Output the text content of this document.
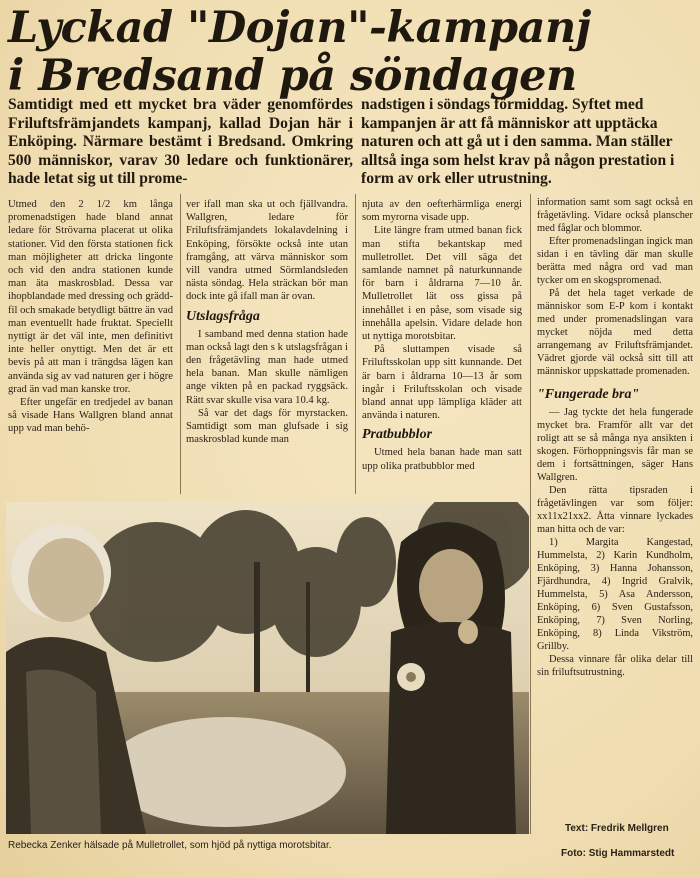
Lyckad "Dojan"-kampanj
i Bredsand på söndagen
Samtidigt med ett mycket bra väder genomfördes Friluftsfrämjandets kampanj, kallad Dojan här i Enköping. Närmare bestämt i Bredsand. Omkring 500 människor, varav 30 ledare och funktionärer, hade letat sig ut till prome-
nadstigen i söndags förmiddag. Syftet med kampanjen är att få människor att upptäcka naturen och att gå ut i den samma. Man ställer alltså inga som helst krav på någon prestation i form av ork eller utrustning.

Utmed den 2 1/2 km långa promenadstigen hade bland annat ledare för Strövarna placerat ut olika stationer. Vid den första stationen fick man möjligheter att dricka lingonte och vid den andra stationen kunde man äta maskrosblad. Dessa var ihopblandade med dressing och grädd-fil och smakade betydligt bättre än vad man eventuellt hade fruktat. Speciellt nyttigt är det väl inte, men definitivt inte heller onyttigt. Men det är ett bevis på att man i trängdsa lägen kan använda sig av vad naturen ger i högre grad än vad man kanske tror.

Efter ungefär en tredjedel av banan så visade Hans Wallgren bland annat upp vad man behö-

ver ifall man ska ut och fjällvandra. Wallgren, ledare för Friluftsfrämjandets lokalavdelning i Enköping, försökte också inte utan framgång, att värva människor som vill vandra utmed Sörmlandsleden nästa söndag. Hela sträckan bör man dock inte gå ifall man är ovan.

Utslagsfråga

I samband med denna station hade man också lagt den s k utslagsfrågan i den frågetävling man hade utmed hela banan. Man skulle nämligen ange vikten på en packad ryggsäck. Rätt svar skulle visa vara 10.4 kg.

Så var det dags för myrstacken. Samtidigt som man glufsade i sig maskrosblad kunde man

njuta av den oefterhärmliga energi som myrorna visade upp.

Lite längre fram utmed banan fick man stifta bekantskap med mulletrollet. Det vill säga det samlande namnet på naturkunnande för barn i åldrarna 7—10 år. Mulletrollet lät oss gissa på innehållet i en påse, som visade sig innehålla apelsin. Vidare delade hon ut nyttiga morotsbitar.

På sluttampen visade så Friluftsskolan upp sitt kunnande. Det är barn i åldrarna 10—13 år som ingår i Friluftsskolan och visade bland annat upp lämpliga kläder att använda i naturen.

Pratbubblor

Utmed hela banan hade man satt upp olika pratbubblor med

information samt som sagt också en frågetävling. Vidare också planscher med fåglar och blommor.

Efter promenadslingan ingick man sidan i en tävling där man skulle berätta med några ord vad man tycker om en skogspromenad.

På det hela taget verkade de människor som E-P kom i kontakt med under promenadslingan vara mycket nöjda med detta arrangemang av Friluftsfrämjandet. Vädret gjorde väl också sitt till att människor uppskattade promenaden.

"Fungerade bra"

— Jag tyckte det hela fungerade mycket bra. Framför allt var det roligt att se så många nya ansikten i skogen. Förhoppningsvis får man se dem i fortsättningen, säger Hans Wallgren.

Den rätta tipsraden i frågetävlingen var som följer: xx11x21xx2. Åtta vinnare lyckades man hitta och de var:

1) Margita Kangestad, Hummelsta, 2) Karin Kundholm, Enköping, 3) Hanna Johansson, Fjärdhundra, 4) Ingrid Gralvik, Hummelsta, 5) Asa Andersson, Enköping, 6) Sven Gustafsson, Enköping, 7) Sven Norling, Enköping, 8) Linda Vikström, Grillby.

Dessa vinnare får olika delar till sin friluftsutrustning.

Rebecka Zenker hälsade på Mulletrollet, som hjöd på nyttiga morotsbitar.
Text: Fredrik Mellgren
Foto: Stig Hammarstedt
